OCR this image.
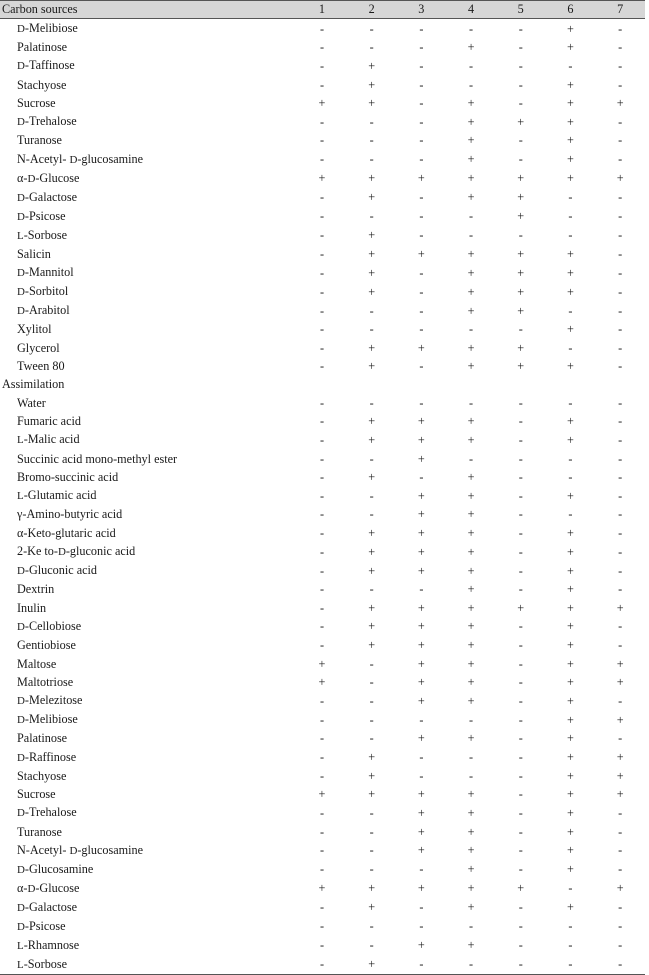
Carbon sources	1	2	3	4	5	6	7
D-Melibiose	-	-	-	-	-	+	-
Palatinose	-	-	-	+	-	+	-
D-Taffinose	-	+	-	-	-	-	-
Stachyose	-	+	-	-	-	+	-
Sucrose	+	+	-	+	-	+	+
D-Trehalose	-	-	-	+	+	+	-
Turanose	-	-	-	+	-	+	-
N-Acetyl- D-glucosamine	-	-	-	+	-	+	-
α-D-Glucose	+	+	+	+	+	+	+
D-Galactose	-	+	-	+	+	-	-
D-Psicose	-	-	-	-	+	-	-
L-Sorbose	-	+	-	-	-	-	-
Salicin	-	+	+	+	+	+	-
D-Mannitol	-	+	-	+	+	+	-
D-Sorbitol	-	+	-	+	+	+	-
D-Arabitol	-	-	-	+	+	-	-
Xylitol	-	-	-	-	-	+	-
Glycerol	-	+	+	+	+	-	-
Tween 80	-	+	-	+	+	+	-
Assimilation							
Water	-	-	-	-	-	-	-
Fumaric acid	-	+	+	+	-	+	-
L-Malic acid	-	+	+	+	-	+	-
Succinic acid mono-methyl ester	-	-	+	-	-	-	-
Bromo-succinic acid	-	+	-	+	-	-	-
L-Glutamic acid	-	-	+	+	-	+	-
γ-Amino-butyric acid	-	-	+	+	-	-	-
α-Keto-glutaric acid	-	+	+	+	-	+	-
2-Ke to-D-gluconic acid	-	+	+	+	-	+	-
D-Gluconic acid	-	+	+	+	-	+	-
Dextrin	-	-	-	+	-	+	-
Inulin	-	+	+	+	+	+	+
D-Cellobiose	-	+	+	+	-	+	-
Gentiobiose	-	+	+	+	-	+	-
Maltose	+	-	+	+	-	+	+
Maltotriose	+	-	+	+	-	+	+
D-Melezitose	-	-	+	+	-	+	-
D-Melibiose	-	-	-	-	-	+	+
Palatinose	-	-	+	+	-	+	-
D-Raffinose	-	+	-	-	-	+	+
Stachyose	-	+	-	-	-	+	+
Sucrose	+	+	+	+	-	+	+
D-Trehalose	-	-	+	+	-	+	-
Turanose	-	-	+	+	-	+	-
N-Acetyl- D-glucosamine	-	-	+	+	-	+	-
D-Glucosamine	-	-	-	+	-	+	-
α-D-Glucose	+	+	+	+	+	-	+
D-Galactose	-	+	-	+	-	+	-
D-Psicose	-	-	-	-	-	-	-
L-Rhamnose	-	-	+	+	-	-	-
L-Sorbose	-	+	-	-	-	-	-
